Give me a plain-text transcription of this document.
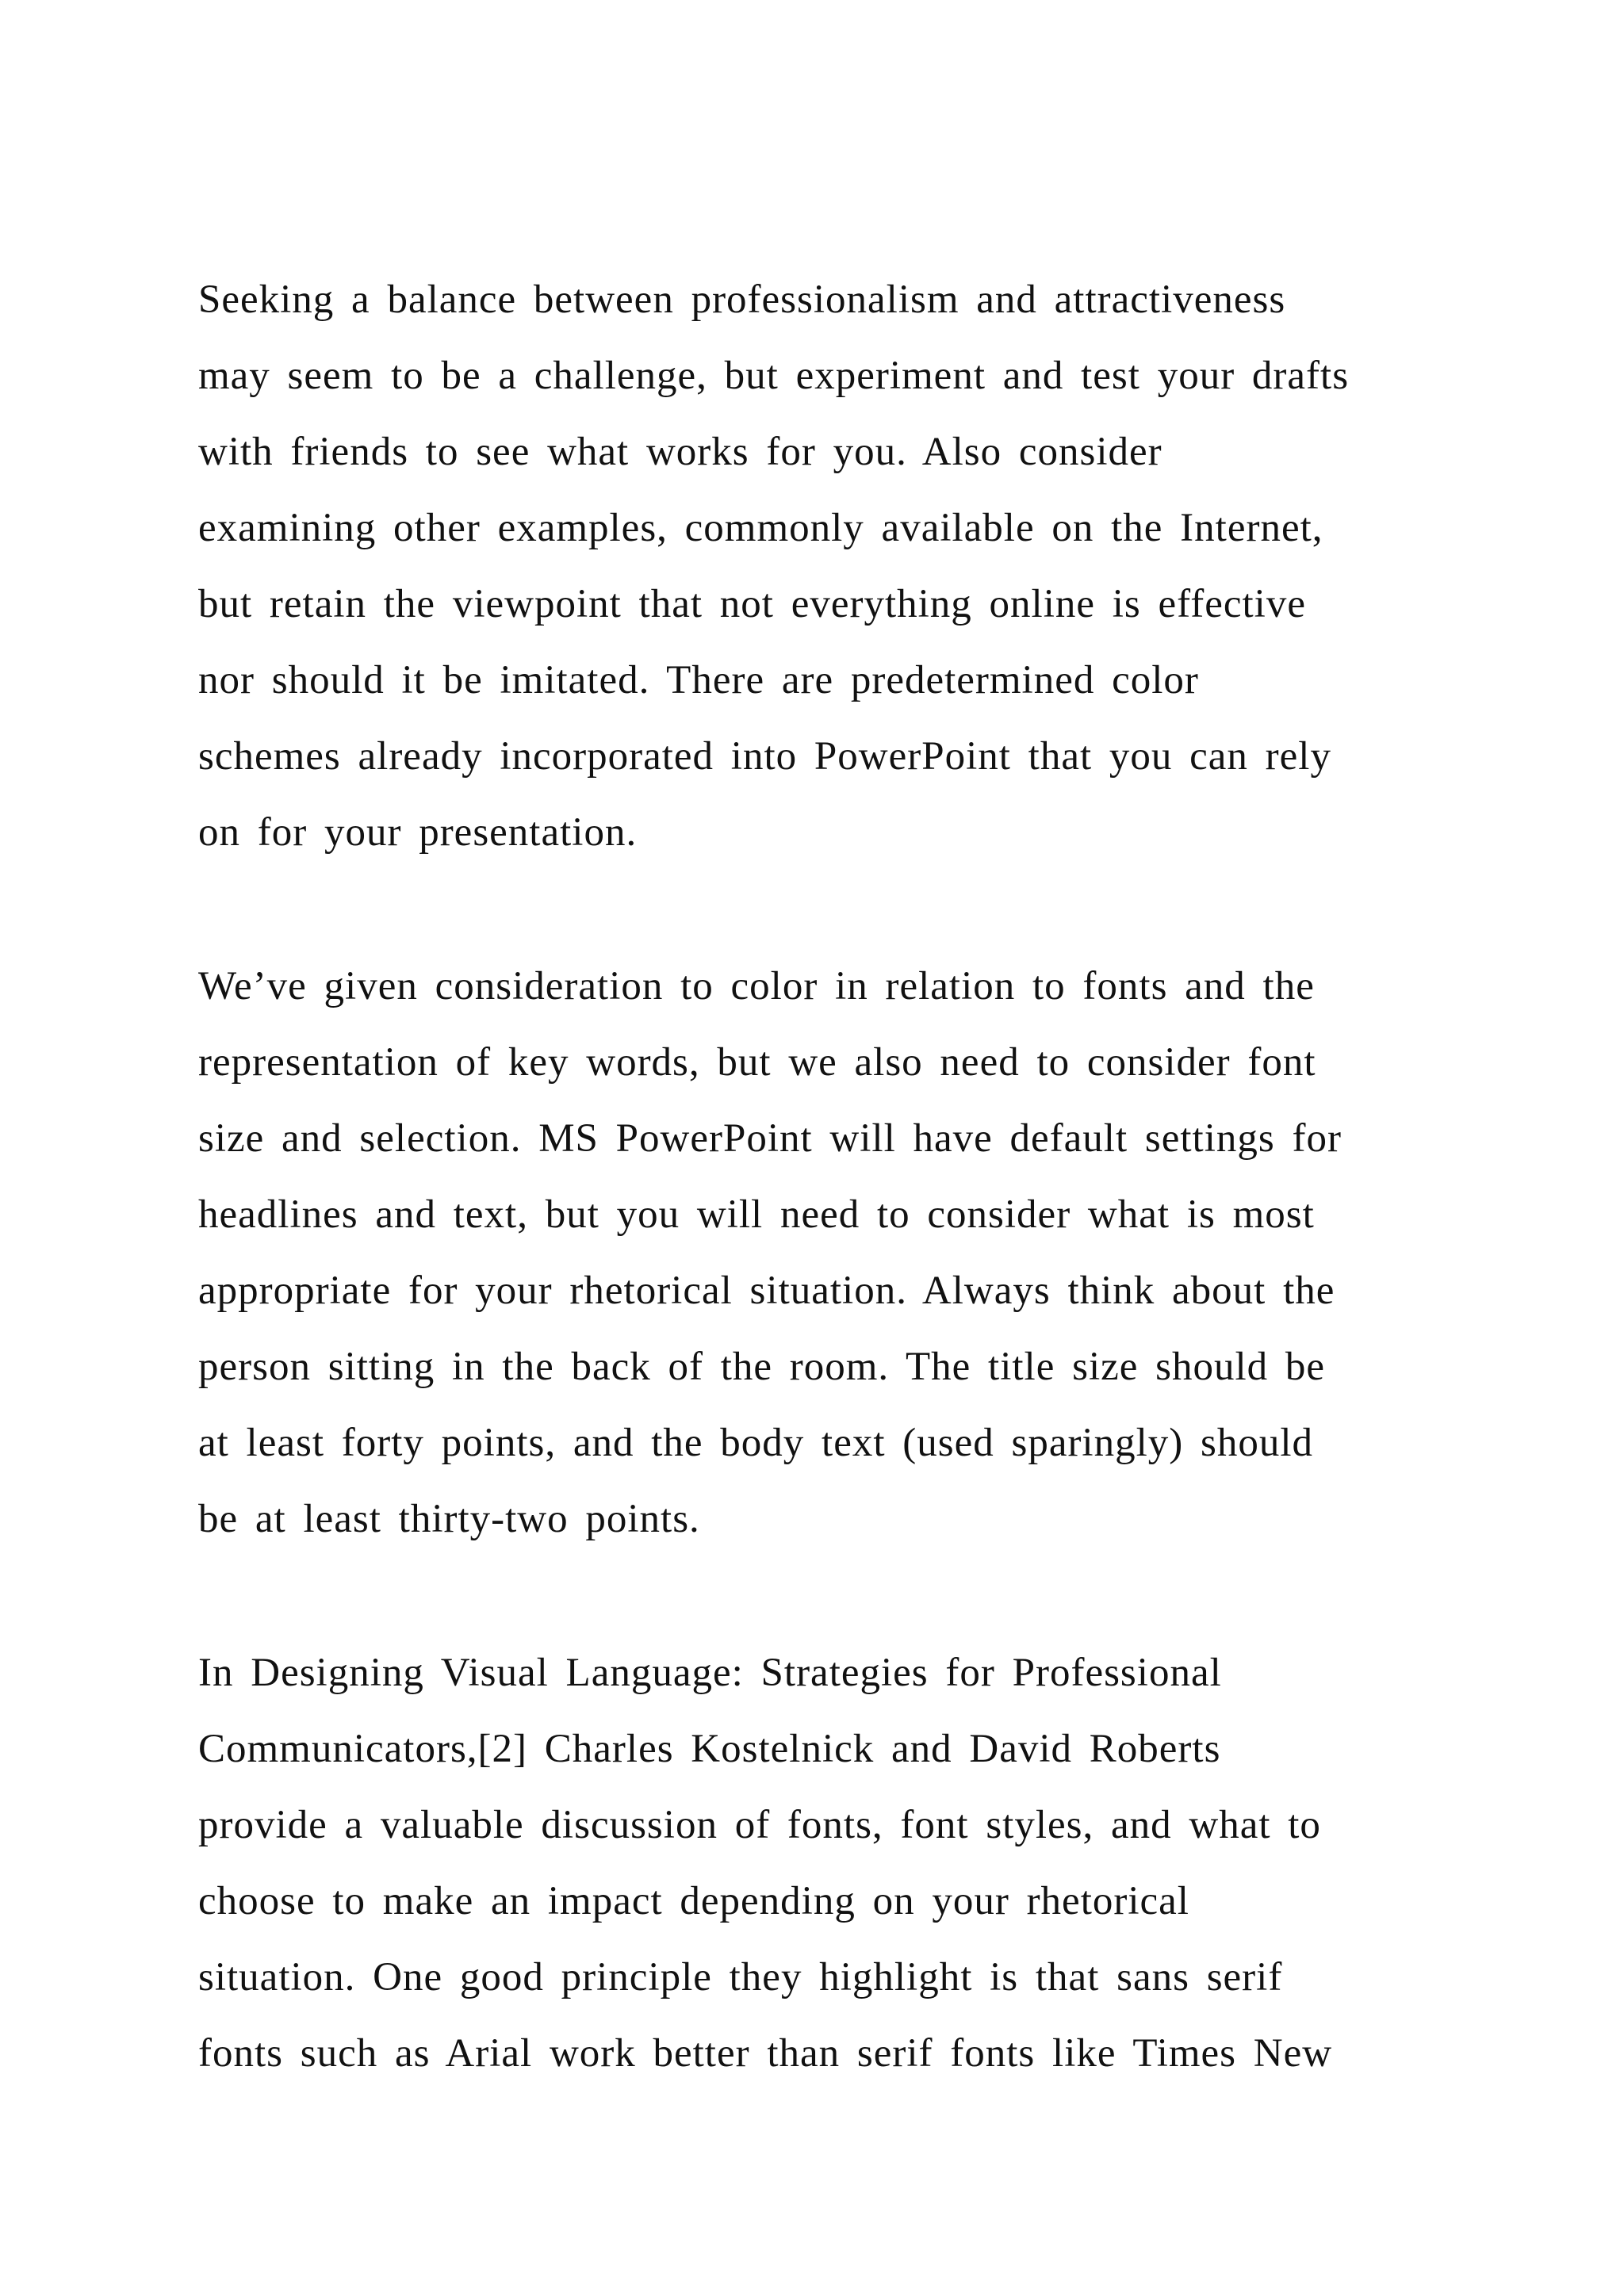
Seeking a balance between professionalism and attractiveness
may seem to be a challenge, but experiment and test your drafts
with friends to see what works for you. Also consider
examining other examples, commonly available on the Internet,
but retain the viewpoint that not everything online is effective
nor should it be imitated. There are predetermined color
schemes already incorporated into PowerPoint that you can rely
on for your presentation.
We’ve given consideration to color in relation to fonts and the
representation of key words, but we also need to consider font
size and selection. MS PowerPoint will have default settings for
headlines and text, but you will need to consider what is most
appropriate for your rhetorical situation. Always think about the
person sitting in the back of the room. The title size should be
at least forty points, and the body text (used sparingly) should
be at least thirty-two points.
In Designing Visual Language: Strategies for Professional
Communicators,[2] Charles Kostelnick and David Roberts
provide a valuable discussion of fonts, font styles, and what to
choose to make an impact depending on your rhetorical
situation. One good principle they highlight is that sans serif
fonts such as Arial work better than serif fonts like Times New
